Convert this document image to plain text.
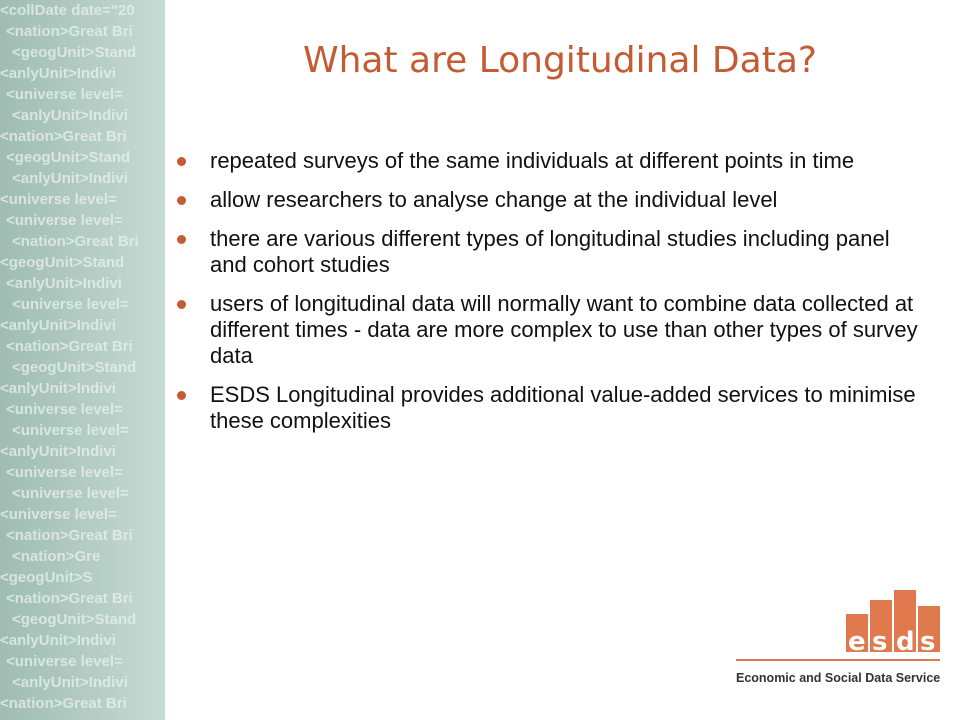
<collDate date="20
<nation>Great Bri
<geogUnit>Stand
<anlyUnit>Indivi
<universe level=
<anlyUnit>Indivi
<nation>Great Bri
<geogUnit>Stand
<anlyUnit>Indivi
<universe level=
<universe level=
<nation>Great Bri
<geogUnit>Stand
<anlyUnit>Indivi
<universe level=
<anlyUnit>Indivi
<nation>Great Bri
<geogUnit>Stand
<anlyUnit>Indivi
<universe level=
<universe level=
<anlyUnit>Indivi
<universe level=
<universe level=
<universe level=
<nation>Great Bri
<nation>Gre
<geogUnit>S
<nation>Great Bri
<geogUnit>Stand
<anlyUnit>Indivi
<universe level=
<anlyUnit>Indivi
<nation>Great Bri
What are Longitudinal Data?
repeated surveys of the same individuals at different points in time
allow researchers to analyse change at the individual level
there are various different types of longitudinal studies including panel and cohort studies
users of longitudinal data will normally want to combine data collected at different times - data are more complex to use than other types of survey data
ESDS Longitudinal provides additional value-added services to minimise these complexities
e s d s
Economic and Social Data Service
